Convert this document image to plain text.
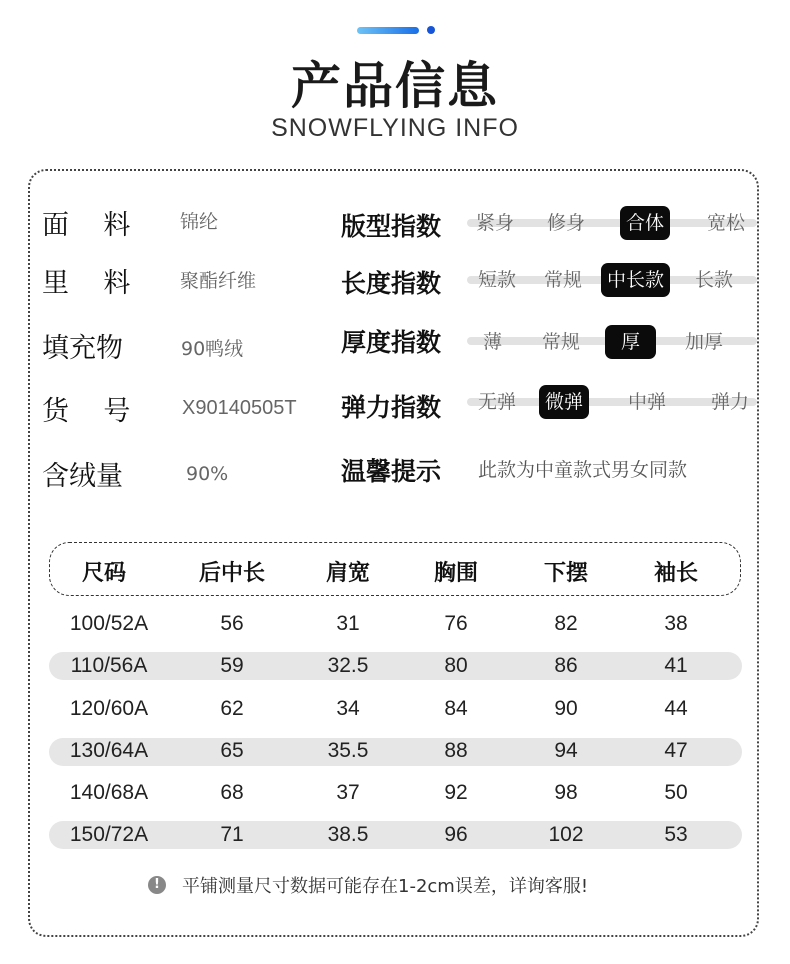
产品信息
SNOWFLYING INFO
面    料	锦纶
里    料	聚酯纤维
填充物	90鸭绒
货    号	X90140505T
含绒量	90%
版型指数 紧身 修身	合体	宽松
长度指数 短款 常规	中长款	长款
厚度指数 薄 常规	厚	加厚
弹力指数 无弹	微弹	中弹 弹力
温馨提示 此款为中童款式男女同款
尺码	后中长	肩宽	胸围	下摆	袖长
100/52A	56	31	76	82	38
110/56A	59	32.5	80	86	41
120/60A	62	34	84	90	44
130/64A	65	35.5	88	94	47
140/68A	68	37	92	98	50
150/72A	71	38.5	96	102	53
!	平铺测量尺寸数据可能存在1-2cm误差，详询客服!
